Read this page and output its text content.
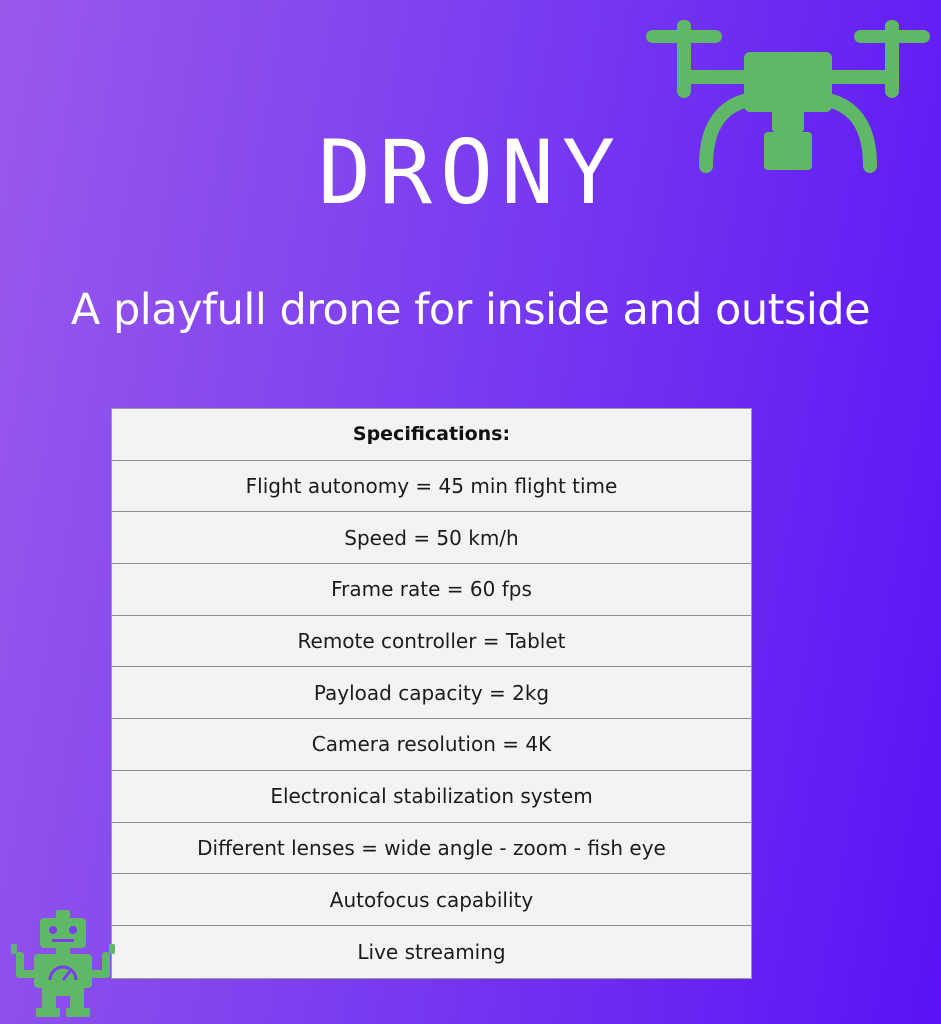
DRONY
A playfull drone for inside and outside
Specifications:
Flight autonomy = 45 min flight time
Speed = 50 km/h
Frame rate = 60 fps
Remote controller = Tablet
Payload capacity = 2kg
Camera resolution = 4K
Electronical stabilization system
Different lenses = wide angle - zoom - fish eye
Autofocus capability
Live streaming
